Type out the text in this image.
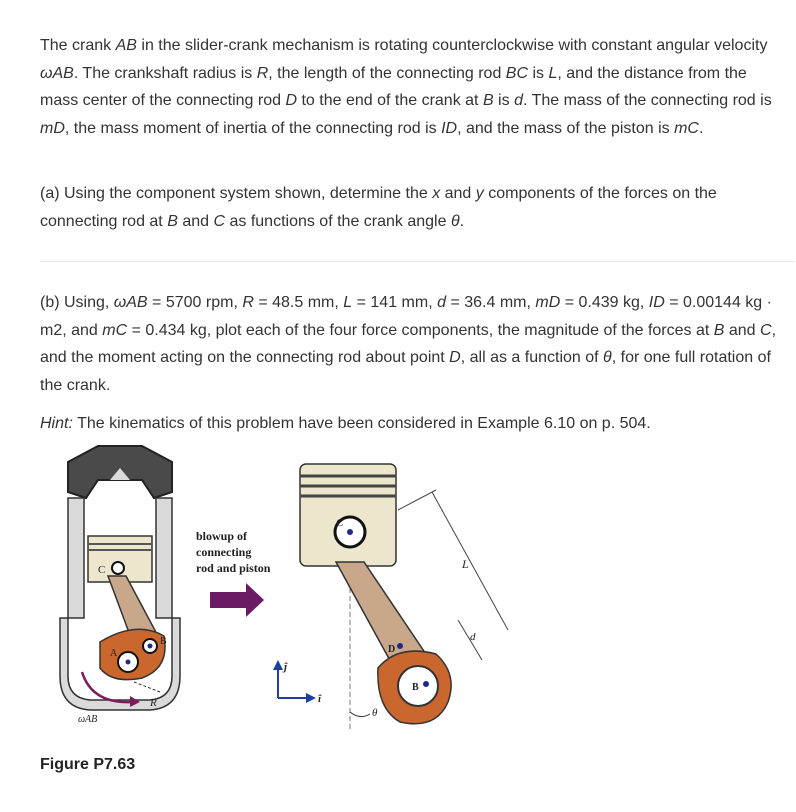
The crank AB in the slider-crank mechanism is rotating counterclockwise with constant angular velocity ωAB. The crankshaft radius is R, the length of the connecting rod BC is L, and the distance from the mass center of the connecting rod D to the end of the crank at B is d. The mass of the connecting rod is mD, the mass moment of inertia of the connecting rod is ID, and the mass of the piston is mC.
(a) Using the component system shown, determine the x and y components of the forces on the connecting rod at B and C as functions of the crank angle θ.
(b) Using, ωAB = 5700 rpm, R = 48.5 mm, L = 141 mm, d = 36.4 mm, mD = 0.439 kg, ID = 0.00144 kg · m2, and mC = 0.434 kg, plot each of the four force components, the magnitude of the forces at B and C, and the moment acting on the connecting rod about point D, all as a function of θ, for one full rotation of the crank.
Hint: The kinematics of this problem have been considered in Example 6.10 on p. 504.
C
B
A
ωAB
R
blowup of
connecting
rod and piston
ĵ
î
C
B
D
θ
L
d
Figure P7.63
